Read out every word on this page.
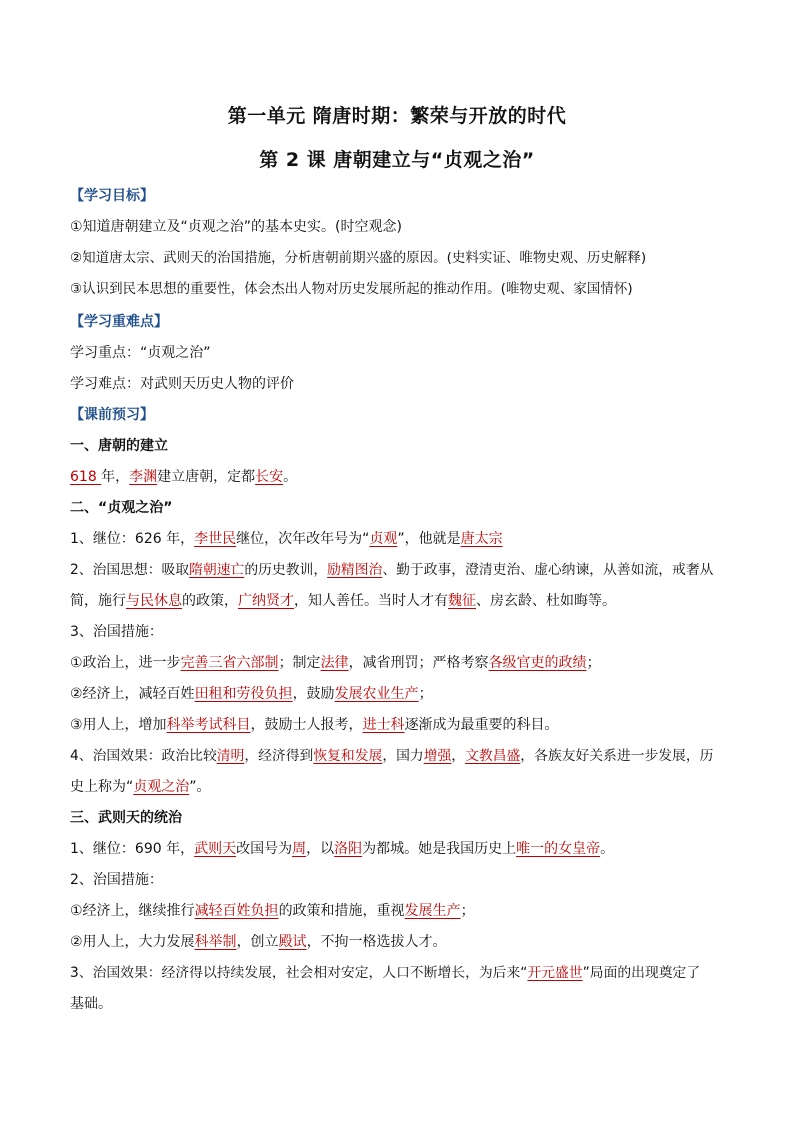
第一单元 隋唐时期：繁荣与开放的时代
第 2 课 唐朝建立与“贞观之治”
【学习目标】
①知道唐朝建立及“贞观之治”的基本史实。(时空观念)
②知道唐太宗、武则天的治国措施，分析唐朝前期兴盛的原因。(史料实证、唯物史观、历史解释)
③认识到民本思想的重要性，体会杰出人物对历史发展所起的推动作用。(唯物史观、家国情怀)
【学习重难点】
学习重点：“贞观之治”
学习难点：对武则天历史人物的评价
【课前预习】
一、唐朝的建立
618 年，李渊建立唐朝，定都长安。
二、“贞观之治”
1、继位：626 年，李世民继位，次年改年号为“贞观”，他就是唐太宗
2、治国思想：吸取隋朝速亡的历史教训，励精图治、勤于政事，澄清吏治、虚心纳谏，从善如流，戒奢从
简，施行与民休息的政策，广纳贤才，知人善任。当时人才有魏征、房玄龄、杜如晦等。
3、治国措施：
①政治上，进一步完善三省六部制；制定法律，减省刑罚；严格考察各级官吏的政绩；
②经济上，减轻百姓田租和劳役负担，鼓励发展农业生产；
③用人上，增加科举考试科目，鼓励士人报考，进士科逐渐成为最重要的科目。
4、治国效果：政治比较清明，经济得到恢复和发展，国力增强，文教昌盛，各族友好关系进一步发展，历
史上称为“贞观之治”。
三、武则天的统治
1、继位：690 年，武则天改国号为周，以洛阳为都城。她是我国历史上唯一的女皇帝。
2、治国措施：
①经济上，继续推行减轻百姓负担的政策和措施，重视发展生产；
②用人上，大力发展科举制，创立殿试，不拘一格选拔人才。
3、治国效果：经济得以持续发展，社会相对安定，人口不断增长，为后来“开元盛世”局面的出现奠定了
基础。
